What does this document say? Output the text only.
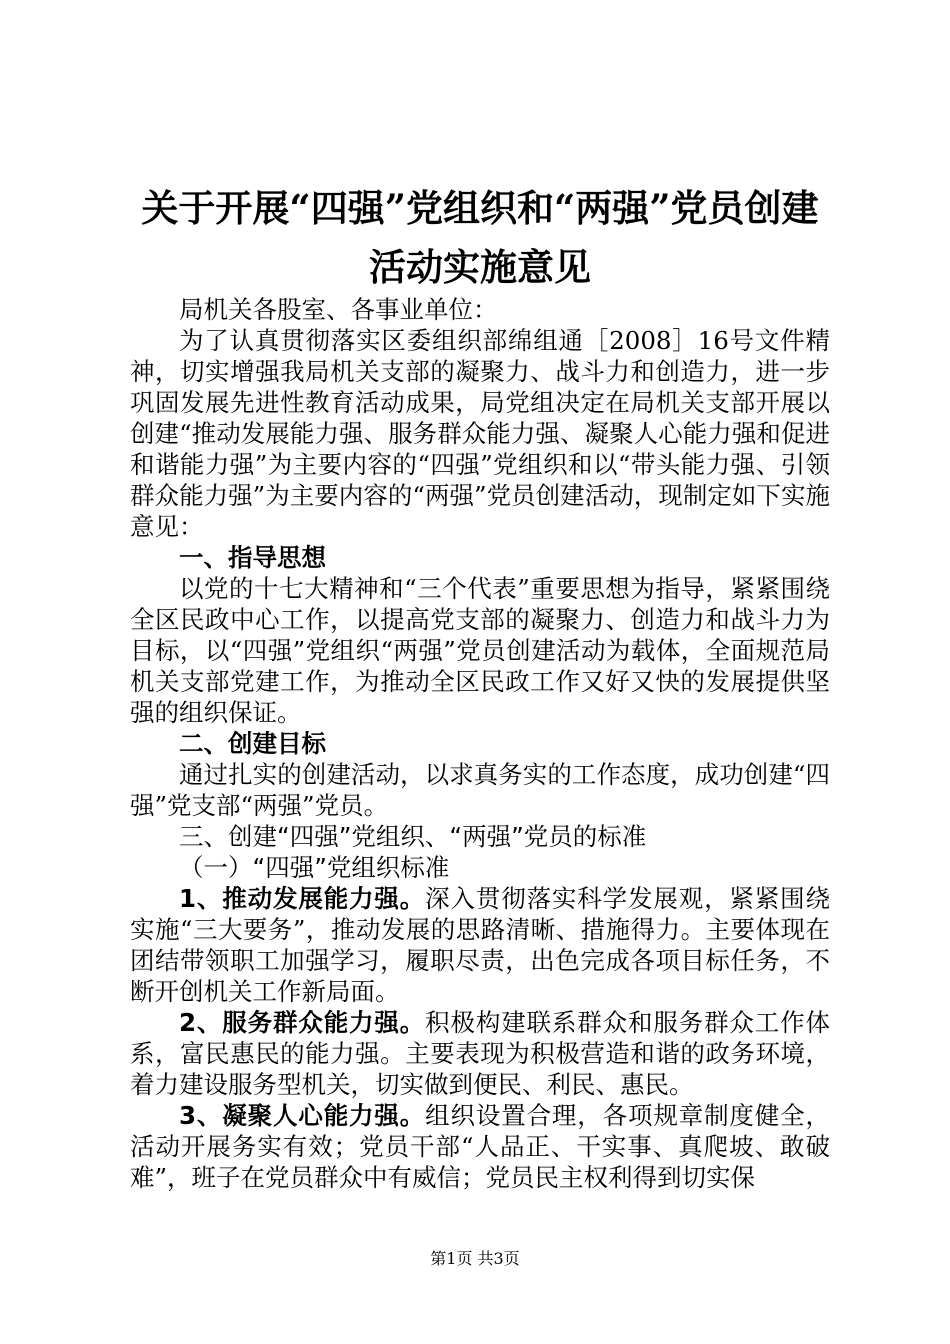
关于开展“四强”党组织和“两强”党员创建
活动实施意见

局机关各股室、各事业单位：

为了认真贯彻落实区委组织部绵组通［2008］16号文件精神，切实增强我局机关支部的凝聚力、战斗力和创造力，进一步巩固发展先进性教育活动成果，局党组决定在局机关支部开展以创建“推动发展能力强、服务群众能力强、凝聚人心能力强和促进和谐能力强”为主要内容的“四强”党组织和以“带头能力强、引领群众能力强”为主要内容的“两强”党员创建活动，现制定如下实施意见：

一、指导思想

以党的十七大精神和“三个代表”重要思想为指导，紧紧围绕全区民政中心工作，以提高党支部的凝聚力、创造力和战斗力为目标，以“四强”党组织“两强”党员创建活动为载体，全面规范局机关支部党建工作，为推动全区民政工作又好又快的发展提供坚强的组织保证。

二、创建目标

通过扎实的创建活动，以求真务实的工作态度，成功创建“四强”党支部“两强”党员。

三、创建“四强”党组织、“两强”党员的标准

（一）“四强”党组织标准

1、推动发展能力强。深入贯彻落实科学发展观，紧紧围绕实施“三大要务”，推动发展的思路清晰、措施得力。主要体现在团结带领职工加强学习，履职尽责，出色完成各项目标任务，不断开创机关工作新局面。

2、服务群众能力强。积极构建联系群众和服务群众工作体系，富民惠民的能力强。主要表现为积极营造和谐的政务环境，着力建设服务型机关，切实做到便民、利民、惠民。

3、凝聚人心能力强。组织设置合理，各项规章制度健全，活动开展务实有效；党员干部“人品正、干实事、真爬坡、敢破难”，班子在党员群众中有威信；党员民主权利得到切实保

第1页 共3页
